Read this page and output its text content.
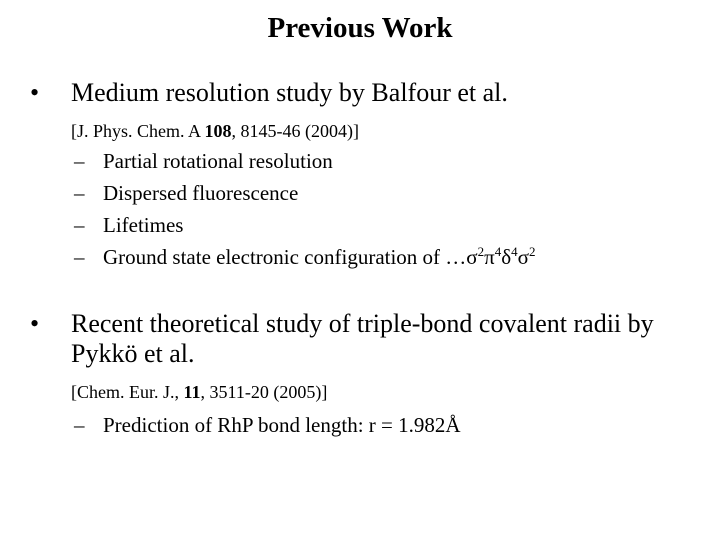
Previous Work
• Medium resolution study by Balfour et al.
[J. Phys. Chem. A 108, 8145-46 (2004)]
– Partial rotational resolution
– Dispersed fluorescence
– Lifetimes
– Ground state electronic configuration of $\dots\sigma^2\pi^4\delta^4\sigma^2$
• Recent theoretical study of triple-bond covalent radii by Pykkö et al.
[Chem. Eur. J., 11, 3511-20 (2005)]
– Prediction of RhP bond length: r = 1.982Å
